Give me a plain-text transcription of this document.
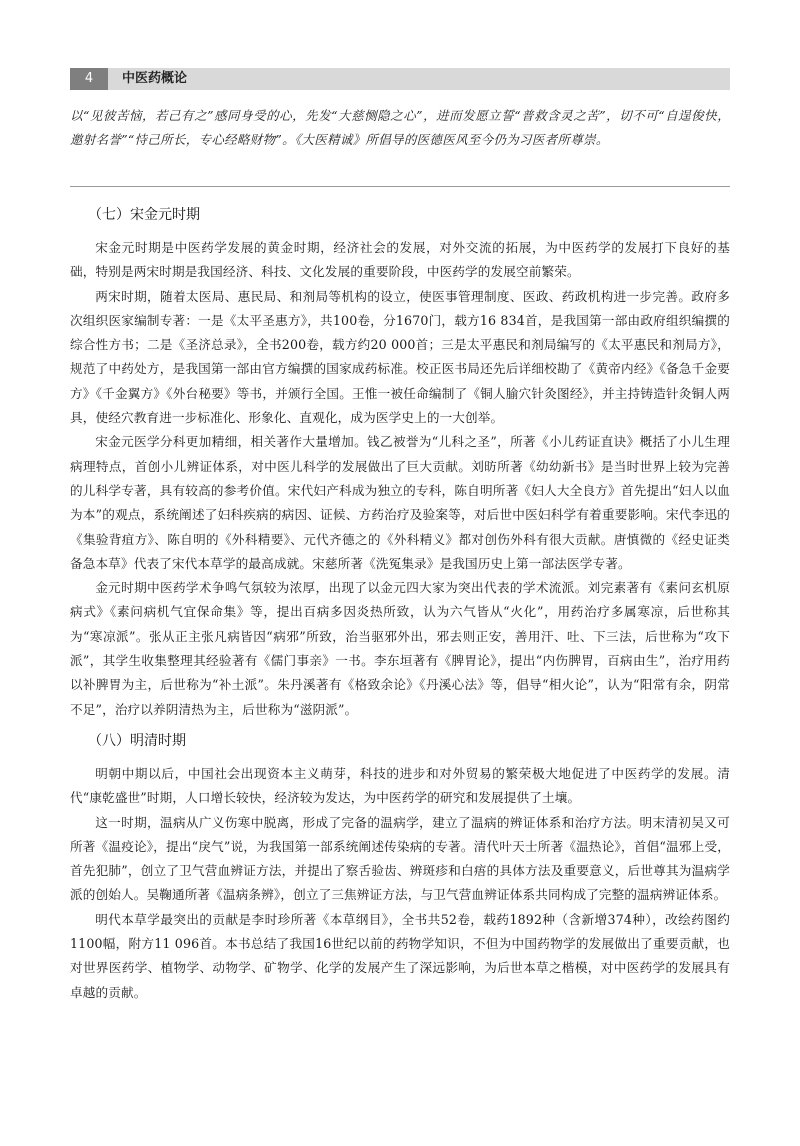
4	中医药概论

以“见彼苦恼，若己有之”感同身受的心，先发“大慈恻隐之心”，进而发愿立誓“普救含灵之苦”，切不可“自逞俊快，邀射名誉”“恃己所长，专心经略财物”。《大医精诚》所倡导的医德医风至今仍为习医者所尊崇。

（七）宋金元时期

宋金元时期是中医药学发展的黄金时期，经济社会的发展，对外交流的拓展，为中医药学的发展打下良好的基础，特别是两宋时期是我国经济、科技、文化发展的重要阶段，中医药学的发展空前繁荣。

两宋时期，随着太医局、惠民局、和剂局等机构的设立，使医事管理制度、医政、药政机构进一步完善。政府多次组织医家编制专著：一是《太平圣惠方》，共100卷，分1670门，载方16 834首，是我国第一部由政府组织编撰的综合性方书；二是《圣济总录》，全书200卷，载方约20 000首；三是太平惠民和剂局编写的《太平惠民和剂局方》，规范了中药处方，是我国第一部由官方编撰的国家成药标准。校正医书局还先后详细校勘了《黄帝内经》《备急千金要方》《千金翼方》《外台秘要》等书，并颁行全国。王惟一被任命编制了《铜人腧穴针灸图经》，并主持铸造针灸铜人两具，使经穴教育进一步标准化、形象化、直观化，成为医学史上的一大创举。

宋金元医学分科更加精细，相关著作大量增加。钱乙被誉为“儿科之圣”，所著《小儿药证直诀》概括了小儿生理病理特点，首创小儿辨证体系，对中医儿科学的发展做出了巨大贡献。刘昉所著《幼幼新书》是当时世界上较为完善的儿科学专著，具有较高的参考价值。宋代妇产科成为独立的专科，陈自明所著《妇人大全良方》首先提出“妇人以血为本”的观点，系统阐述了妇科疾病的病因、证候、方药治疗及验案等，对后世中医妇科学有着重要影响。宋代李迅的《集验背疽方》、陈自明的《外科精要》、元代齐德之的《外科精义》都对创伤外科有很大贡献。唐慎微的《经史证类备急本草》代表了宋代本草学的最高成就。宋慈所著《洗冤集录》是我国历史上第一部法医学专著。

金元时期中医药学术争鸣气氛较为浓厚，出现了以金元四大家为突出代表的学术流派。刘完素著有《素问玄机原病式》《素问病机气宜保命集》等，提出百病多因炎热所致，认为六气皆从“火化”，用药治疗多属寒凉，后世称其为“寒凉派”。张从正主张凡病皆因“病邪”所致，治当驱邪外出，邪去则正安，善用汗、吐、下三法，后世称为“攻下派”，其学生收集整理其经验著有《儒门事亲》一书。李东垣著有《脾胃论》，提出“内伤脾胃，百病由生”，治疗用药以补脾胃为主，后世称为“补土派”。朱丹溪著有《格致余论》《丹溪心法》等，倡导“相火论”，认为“阳常有余，阴常不足”，治疗以养阴清热为主，后世称为“滋阴派”。

（八）明清时期

明朝中期以后，中国社会出现资本主义萌芽，科技的进步和对外贸易的繁荣极大地促进了中医药学的发展。清代“康乾盛世”时期，人口增长较快，经济较为发达，为中医药学的研究和发展提供了土壤。

这一时期，温病从广义伤寒中脱离，形成了完备的温病学，建立了温病的辨证体系和治疗方法。明末清初吴又可所著《温疫论》，提出“戾气”说，为我国第一部系统阐述传染病的专著。清代叶天士所著《温热论》，首倡“温邪上受，首先犯肺”，创立了卫气营血辨证方法，并提出了察舌验齿、辨斑疹和白痦的具体方法及重要意义，后世尊其为温病学派的创始人。吴鞠通所著《温病条辨》，创立了三焦辨证方法，与卫气营血辨证体系共同构成了完整的温病辨证体系。

明代本草学最突出的贡献是李时珍所著《本草纲目》，全书共52卷，载药1892种（含新增374种），改绘药图约1100幅，附方11 096首。本书总结了我国16世纪以前的药物学知识，不但为中国药物学的发展做出了重要贡献，也对世界医药学、植物学、动物学、矿物学、化学的发展产生了深远影响，为后世本草之楷模，对中医药学的发展具有卓越的贡献。
